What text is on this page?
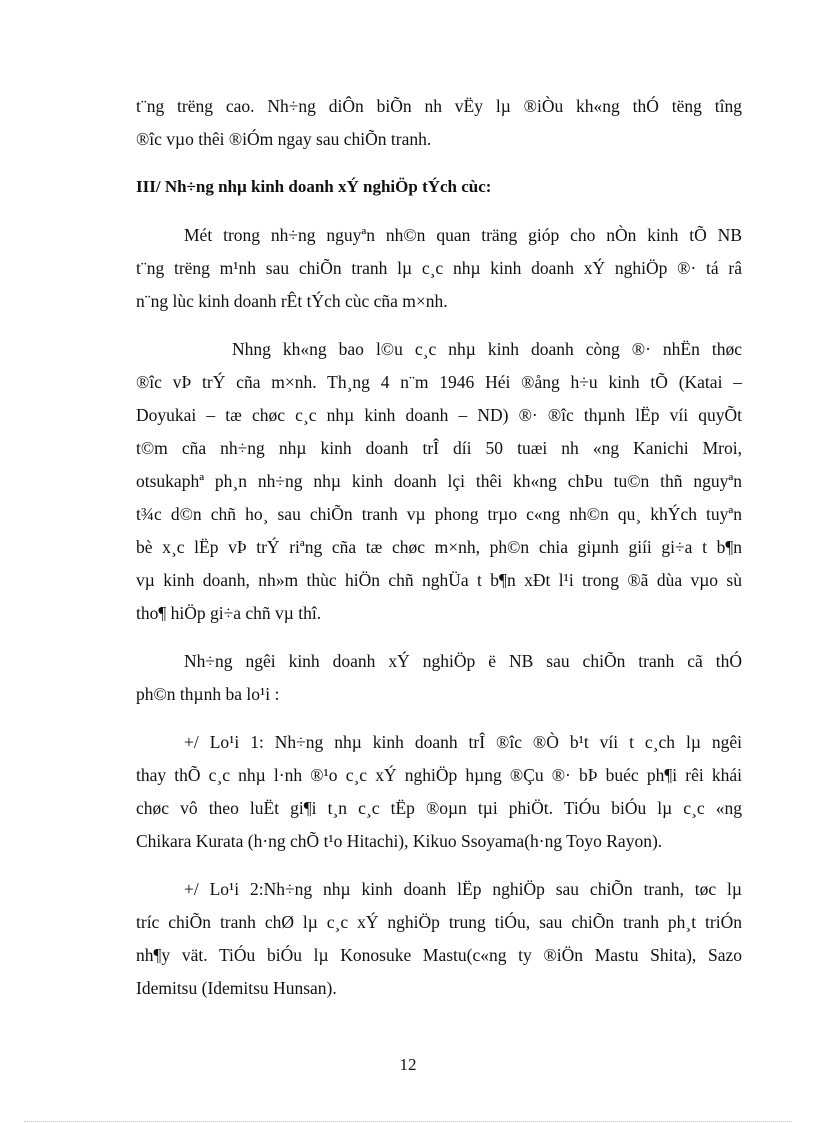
t¨ng trëng cao. Nh÷ng diÔn biÕn nh vËy lµ ®iÒu kh«ng thÓ tëng tîng
®îc vµo thêi ®iÓm ngay sau chiÕn tranh.
III/ Nh÷ng nhµ kinh doanh xÝ nghiÖp tÝch cùc:
Mét trong nh÷ng nguyªn nh©n quan träng gióp cho nÒn kinh tÕ NB
t¨ng trëng m¹nh sau chiÕn tranh lµ c¸c nhµ kinh doanh xÝ nghiÖp ®· tá râ
n¨ng lùc kinh doanh rÊt tÝch cùc cña m×nh.
Nhng kh«ng bao l©u c¸c nhµ kinh doanh còng ®· nhËn thøc
®îc vÞ trÝ cña m×nh. Th¸ng 4 n¨m 1946 Héi ®ång h÷u kinh tÕ (Katai –
Doyukai – tæ chøc c¸c nhµ kinh doanh – ND) ®· ®îc thµnh lËp víi quyÕt
t©m cña nh÷ng nhµ kinh doanh trÎ díi 50 tuæi nh «ng Kanichi Mroi,
otsukaphª ph¸n nh÷ng nhµ kinh doanh lçi thêi kh«ng chÞu tu©n thñ nguyªn
t¾c d©n chñ ho¸ sau chiÕn tranh vµ phong trµo c«ng nh©n qu¸ khÝch tuyªn
bè x¸c lËp vÞ trÝ riªng cña tæ chøc m×nh, ph©n chia giµnh giíi gi÷a t b¶n
vµ kinh doanh, nh»m thùc hiÖn chñ nghÜa t b¶n xÐt l¹i trong ®ã dùa vµo sù
tho¶ hiÖp gi÷a chñ vµ thî.
Nh÷ng ngêi kinh doanh xÝ nghiÖp ë NB sau chiÕn tranh cã thÓ
ph©n thµnh ba lo¹i :
+/ Lo¹i 1: Nh÷ng nhµ kinh doanh trÎ ®îc ®Ò b¹t víi t c¸ch lµ ngêi
thay thÕ c¸c nhµ l·nh ®¹o c¸c xÝ nghiÖp hµng ®Çu ®· bÞ buéc ph¶i rêi khái
chøc vô theo luËt gi¶i t¸n c¸c tËp ®oµn tµi phiÖt. TiÓu biÓu lµ c¸c «ng
Chikara Kurata (h·ng chÕ t¹o Hitachi), Kikuo Ssoyama(h·ng Toyo Rayon).
+/ Lo¹i 2:Nh÷ng nhµ kinh doanh lËp nghiÖp sau chiÕn tranh, tøc lµ
tríc chiÕn tranh chØ lµ c¸c xÝ nghiÖp trung tiÓu, sau chiÕn tranh ph¸t triÓn
nh¶y vät. TiÓu biÓu lµ Konosuke Mastu(c«ng ty ®iÖn Mastu Shita), Sazo
Idemitsu (Idemitsu Hunsan).
12
